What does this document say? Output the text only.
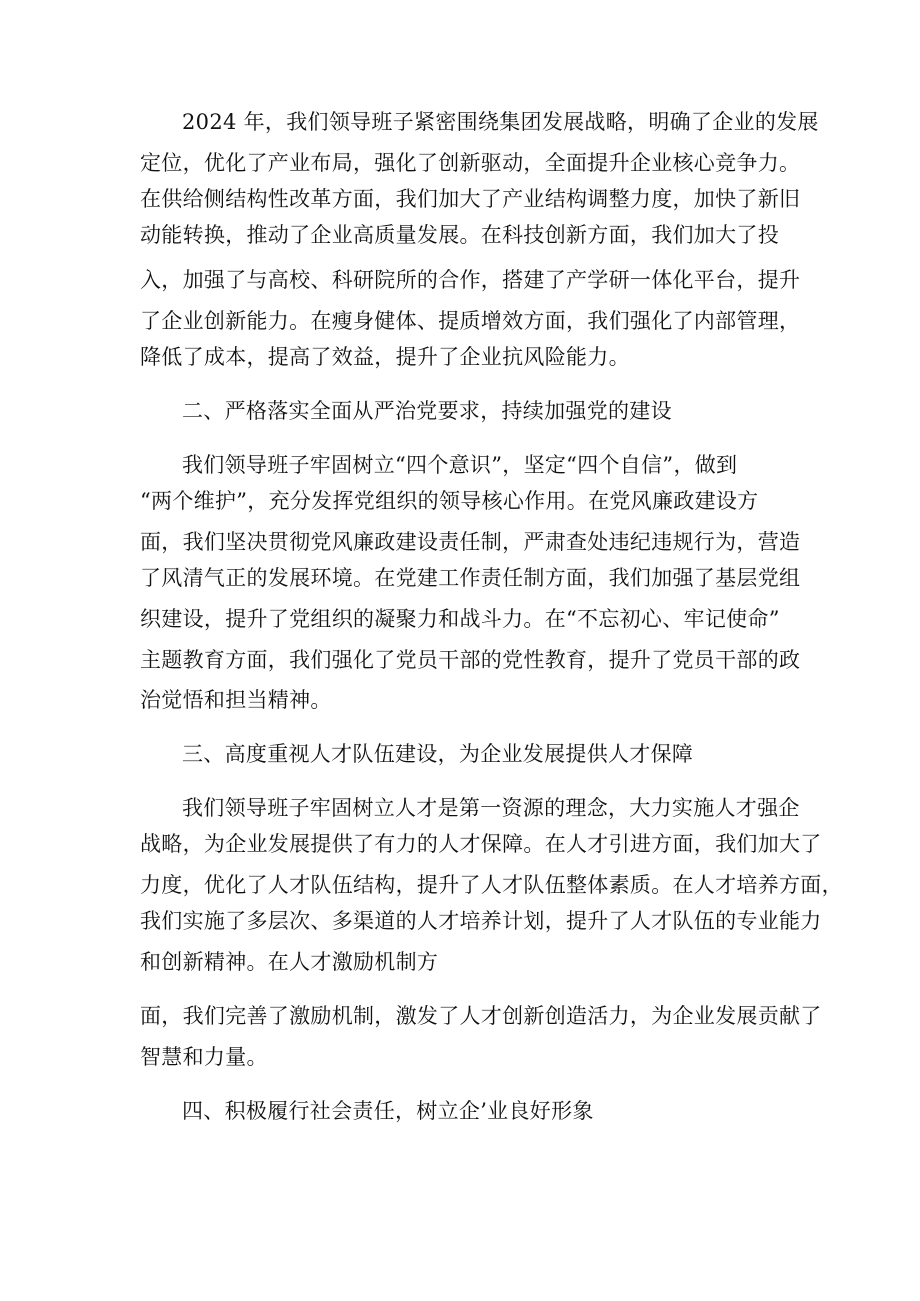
2024 年，我们领导班子紧密围绕集团发展战略，明确了企业的发展
定位，优化了产业布局，强化了创新驱动，全面提升企业核心竞争力。
在供给侧结构性改革方面，我们加大了产业结构调整力度，加快了新旧
动能转换，推动了企业高质量发展。在科技创新方面，我们加大了投
入，加强了与高校、科研院所的合作，搭建了产学研一体化平台，提升
了企业创新能力。在瘦身健体、提质增效方面，我们强化了内部管理，
降低了成本，提高了效益，提升了企业抗风险能力。
二、严格落实全面从严治党要求，持续加强党的建设
我们领导班子牢固树立“四个意识”，坚定“四个自信”，做到
“两个维护”，充分发挥党组织的领导核心作用。在党风廉政建设方
面，我们坚决贯彻党风廉政建设责任制，严肃查处违纪违规行为，营造
了风清气正的发展环境。在党建工作责任制方面，我们加强了基层党组
织建设，提升了党组织的凝聚力和战斗力。在“不忘初心、牢记使命”
主题教育方面，我们强化了党员干部的党性教育，提升了党员干部的政
治觉悟和担当精神。
三、高度重视人才队伍建设，为企业发展提供人才保障
我们领导班子牢固树立人才是第一资源的理念，大力实施人才强企
战略，为企业发展提供了有力的人才保障。在人才引进方面，我们加大了
力度，优化了人才队伍结构，提升了人才队伍整体素质。在人才培养方面，
我们实施了多层次、多渠道的人才培养计划，提升了人才队伍的专业能力
和创新精神。在人才激励机制方
面，我们完善了激励机制，激发了人才创新创造活力，为企业发展贡献了
智慧和力量。
四、积极履行社会责任，树立企’业良好形象
